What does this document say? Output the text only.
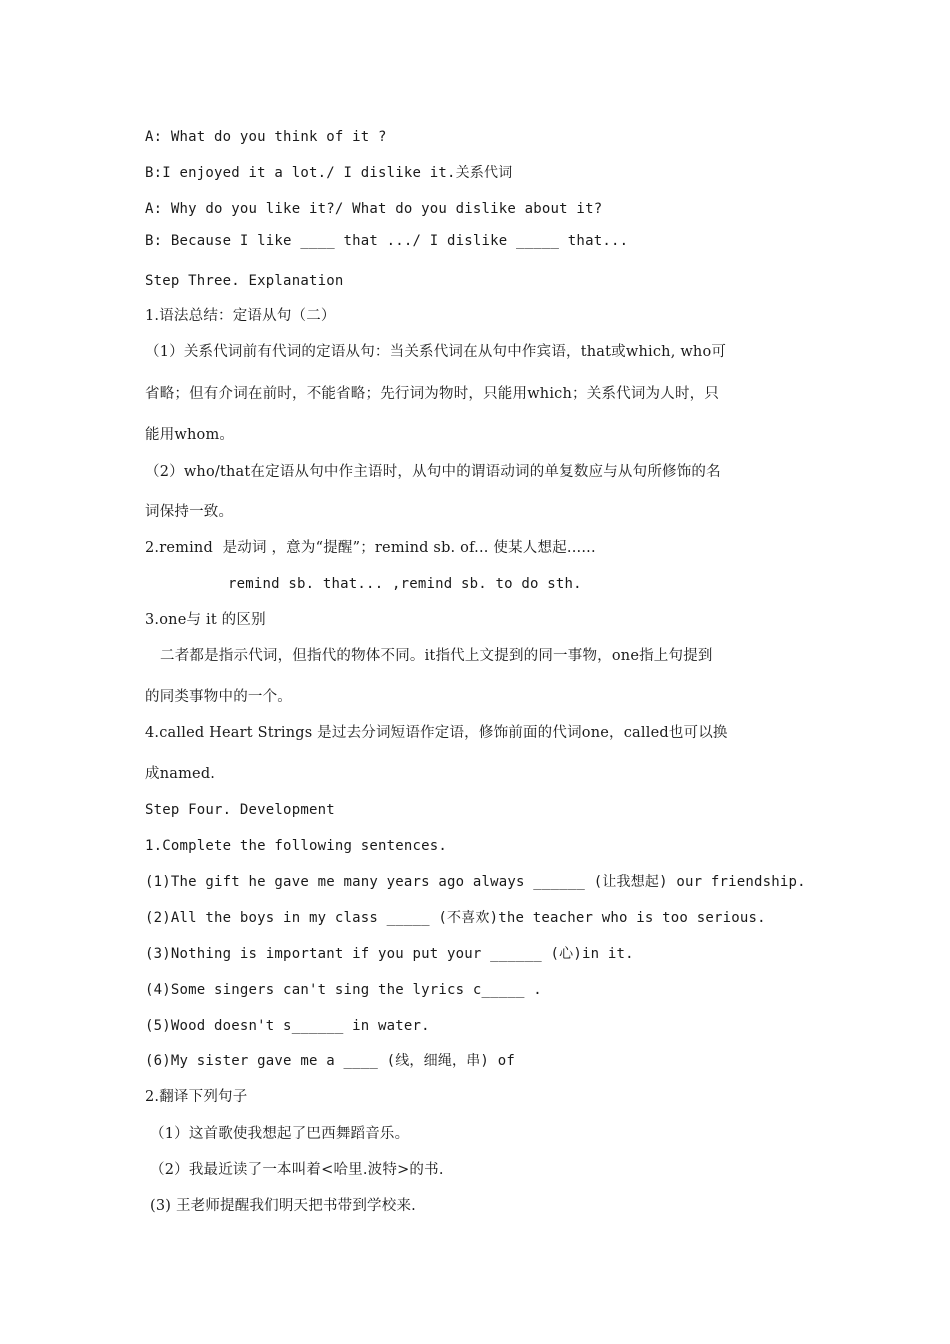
A: What do you think of it ?
B:I enjoyed it a lot./ I dislike it.关系代词
A: Why do you like it?/ What do you dislike about it?
B: Because I like ____ that .../ I dislike _____ that...
Step Three. Explanation
1.语法总结：定语从句（二）
（1）关系代词前有代词的定语从句：当关系代词在从句中作宾语，that或which, who可
省略；但有介词在前时，不能省略；先行词为物时，只能用which；关系代词为人时，只
能用whom。
（2）who/that在定语从句中作主语时，从句中的谓语动词的单复数应与从句所修饰的名
词保持一致。
2.remind  是动词 ，意为“提醒”；remind sb. of... 使某人想起......
remind sb. that... ,remind sb. to do sth.
3.one与 it 的区别
二者都是指示代词，但指代的物体不同。it指代上文提到的同一事物，one指上句提到
的同类事物中的一个。
4.called Heart Strings 是过去分词短语作定语，修饰前面的代词one，called也可以换
成named.
Step Four. Development
1.Complete the following sentences.
(1)The gift he gave me many years ago always ______ (让我想起) our friendship.
(2)All the boys in my class _____ (不喜欢)the teacher who is too serious.
(3)Nothing is important if you put your ______ (心)in it.
(4)Some singers can't sing the lyrics c_____ .
(5)Wood doesn't s______ in water.
(6)My sister gave me a ____ (线，细绳，串) of
2.翻译下列句子
（1）这首歌使我想起了巴西舞蹈音乐。
（2）我最近读了一本叫着<哈里.波特>的书.
(3) 王老师提醒我们明天把书带到学校来.
